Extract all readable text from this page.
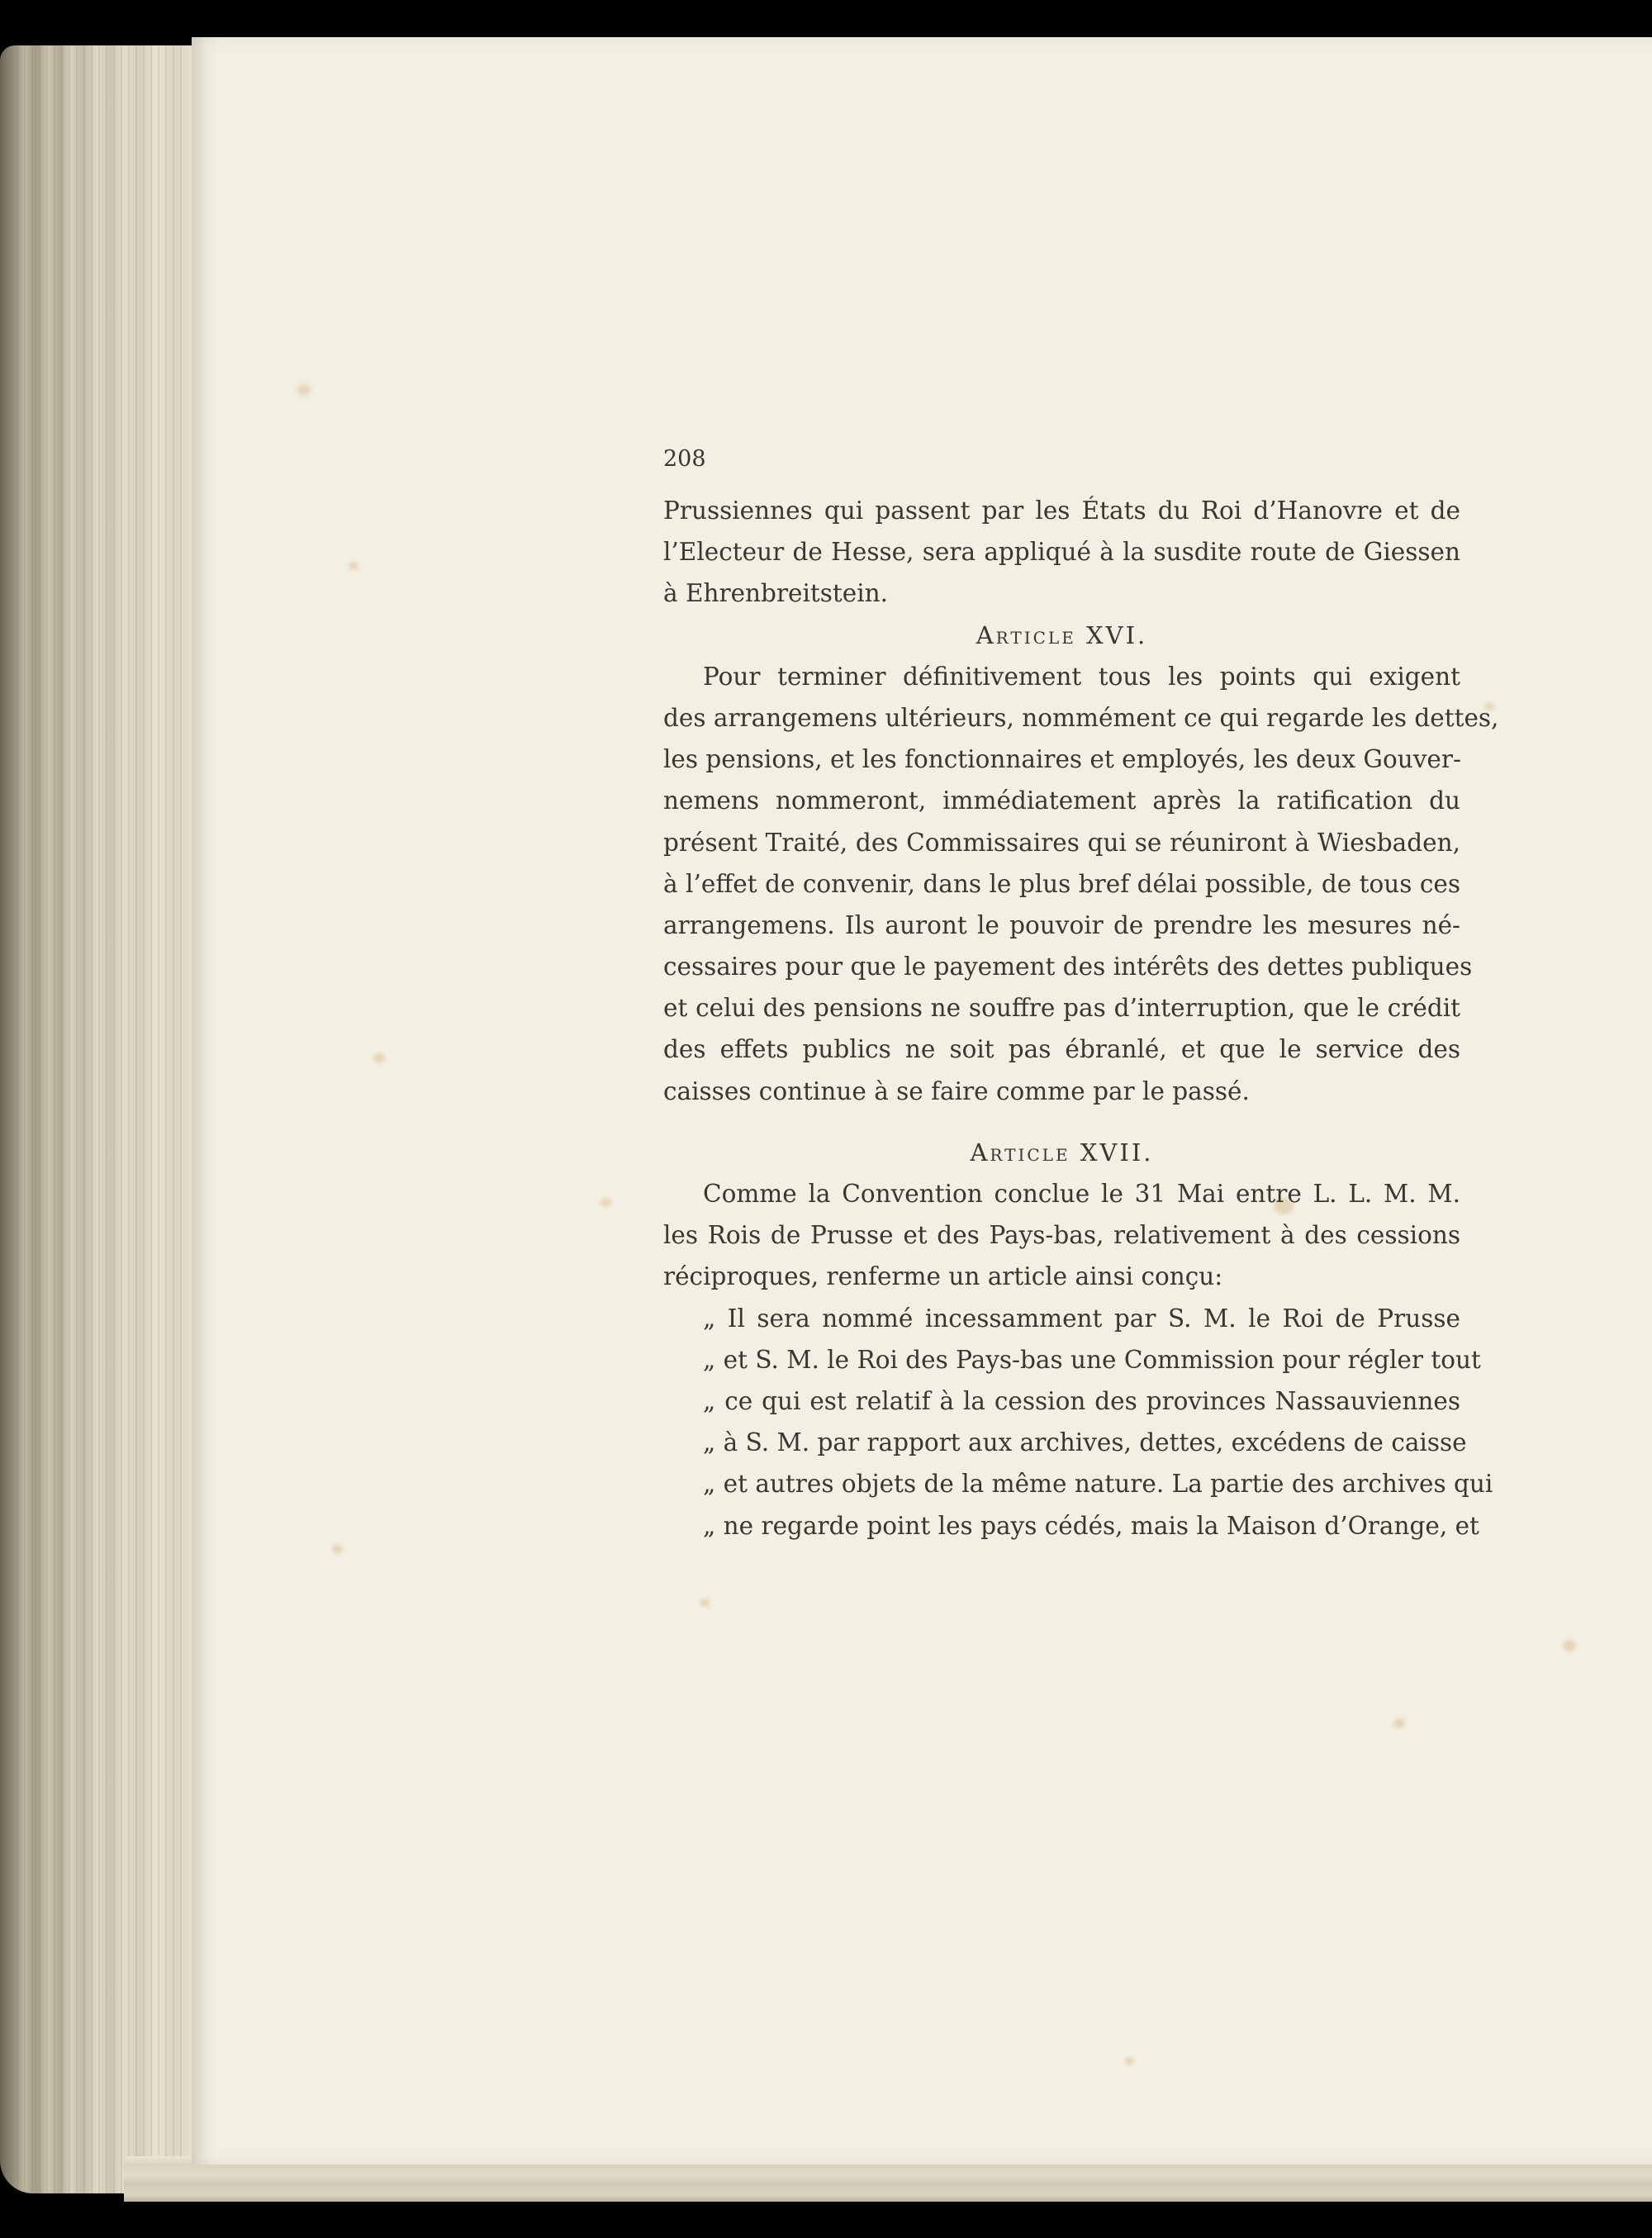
208
Prussiennes qui passent par les États du Roi d’Hanovre et de
l’Electeur de Hesse, sera appliqué à la susdite route de Giessen
à Ehrenbreitstein.
Article XVI.
Pour terminer définitivement tous les points qui exigent
des arrangemens ultérieurs, nommément ce qui regarde les dettes,
les pensions, et les fonctionnaires et employés, les deux Gouver-
nemens nommeront, immédiatement après la ratification du
présent Traité, des Commissaires qui se réuniront à Wiesbaden,
à l’effet de convenir, dans le plus bref délai possible, de tous ces
arrangemens. Ils auront le pouvoir de prendre les mesures né-
cessaires pour que le payement des intérêts des dettes publiques
et celui des pensions ne souffre pas d’interruption, que le crédit
des effets publics ne soit pas ébranlé, et que le service des
caisses continue à se faire comme par le passé.
Article XVII.
Comme la Convention conclue le 31 Mai entre L. L. M. M.
les Rois de Prusse et des Pays-bas, relativement à des cessions
réciproques, renferme un article ainsi conçu:
„ Il sera nommé incessamment par S. M. le Roi de Prusse
„ et S. M. le Roi des Pays-bas une Commission pour régler tout
„ ce qui est relatif à la cession des provinces Nassauviennes
„ à S. M. par rapport aux archives, dettes, excédens de caisse
„ et autres objets de la même nature. La partie des archives qui
„ ne regarde point les pays cédés, mais la Maison d’Orange, et
